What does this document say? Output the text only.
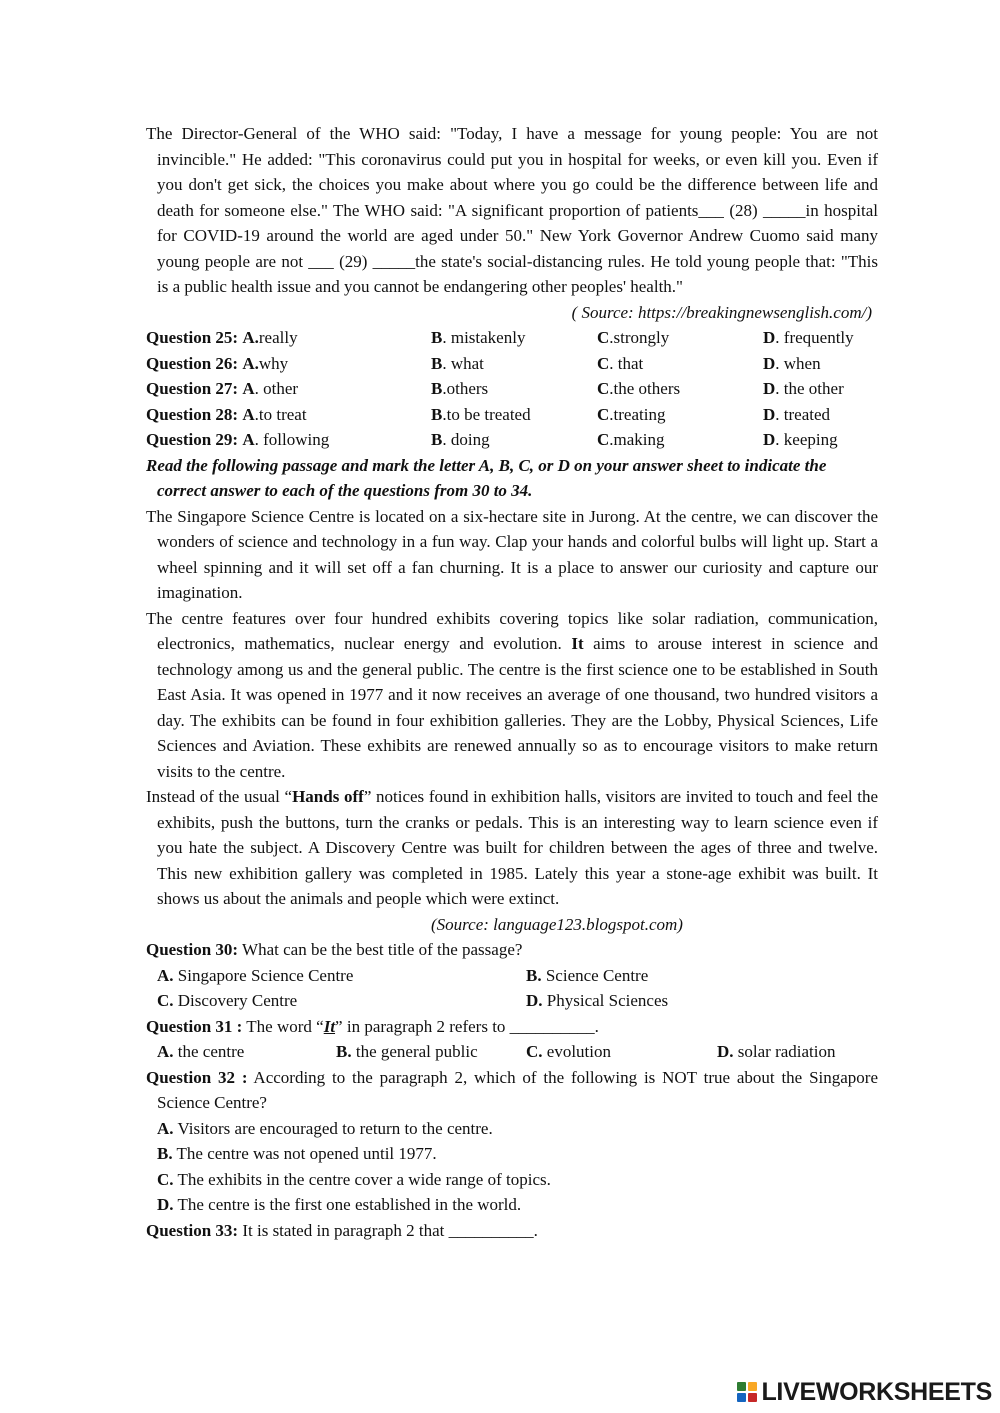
The Director-General of the WHO said: "Today, I have a message for young people: You are not invincible." He added: "This coronavirus could put you in hospital for weeks, or even kill you. Even if you don't get sick, the choices you make about where you go could be the difference between life and death for someone else." The WHO said: "A significant proportion of patients___ (28) _____in hospital for COVID-19 around the world are aged under 50." New York Governor Andrew Cuomo said many young people are not ___ (29) _____the state's social-distancing rules. He told young people that: "This is a public health issue and you cannot be endangering other peoples' health."

( Source: https://breakingnewsenglish.com/)

Question 25: A.really	B. mistakenly	C.strongly	D. frequently
Question 26: A.why	B. what	C. that	D. when
Question 27: A. other	B.others	C.the others	D. the other
Question 28: A.to treat	B.to be treated	C.treating	D. treated
Question 29: A. following	B. doing	C.making	D. keeping

Read the following passage and mark the letter A, B, C, or D on your answer sheet to indicate the correct answer to each of the questions from 30 to 34.

The Singapore Science Centre is located on a six-hectare site in Jurong. At the centre, we can discover the wonders of science and technology in a fun way. Clap your hands and colorful bulbs will light up. Start a wheel spinning and it will set off a fan churning. It is a place to answer our curiosity and capture our imagination.

The centre features over four hundred exhibits covering topics like solar radiation, communication, electronics, mathematics, nuclear energy and evolution. It aims to arouse interest in science and technology among us and the general public. The centre is the first science one to be established in South East Asia. It was opened in 1977 and it now receives an average of one thousand, two hundred visitors a day. The exhibits can be found in four exhibition galleries. They are the Lobby, Physical Sciences, Life Sciences and Aviation. These exhibits are renewed annually so as to encourage visitors to make return visits to the centre.

Instead of the usual “Hands off” notices found in exhibition halls, visitors are invited to touch and feel the exhibits, push the buttons, turn the cranks or pedals. This is an interesting way to learn science even if you hate the subject. A Discovery Centre was built for children between the ages of three and twelve. This new exhibition gallery was completed in 1985. Lately this year a stone-age exhibit was built. It shows us about the animals and people which were extinct.

(Source: language123.blogspot.com)

Question 30: What can be the best title of the passage?

A. Singapore Science Centre	B. Science Centre
C. Discovery Centre	D. Physical Sciences

Question 31 : The word “It” in paragraph 2 refers to __________.

A. the centre	B. the general public	C. evolution	D. solar radiation

Question 32 : According to the paragraph 2, which of the following is NOT true about the Singapore Science Centre?

A. Visitors are encouraged to return to the centre.

B. The centre was not opened until 1977.

C. The exhibits in the centre cover a wide range of topics.

D. The centre is the first one established in the world.

Question 33: It is stated in paragraph 2 that __________.

LIVEWORKSHEETS
